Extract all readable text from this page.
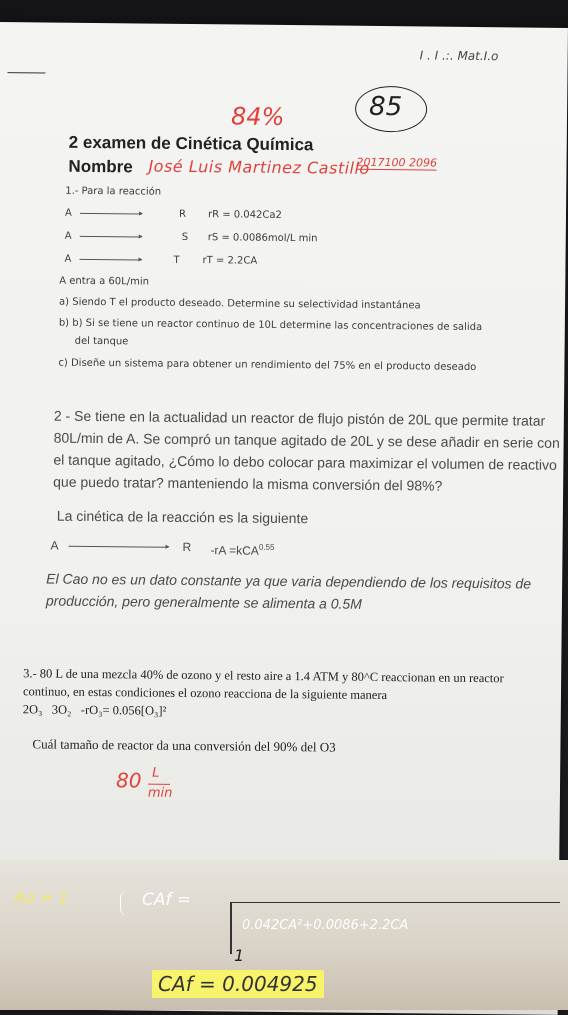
I . I .:. Mat.I.o
84%	85
2 examen de Cinética Química
Nombre José Luis Martinez Castillo
2017100 2096
1.- Para la reacción
A	R rR = 0.042Ca2
A	S rS = 0.0086mol/L min
A	T rT = 2.2CA
A entra a 60L/min
a) Siendo T el producto deseado. Determine su selectividad instantánea
b) b) Si se tiene un reactor continuo de 10L determine las concentraciones de salida
del tanque
c) Diseñe un sistema para obtener un rendimiento del 75% en el producto deseado
2 - Se tiene en la actualidad un reactor de flujo pistón de 20L que permite tratar
80L/min de A. Se compró un tanque agitado de 20L y se dese añadir en serie con
el tanque agitado, ¿Cómo lo debo colocar para maximizar el volumen de reactivo
que puedo tratar? manteniendo la misma conversión del 98%?
La cinética de la reacción es la siguiente
A	R -rA =kCA$^{0.55}$
El Cao no es un dato constante ya que varia dependiendo de los requisitos de
producción, pero generalmente se alimenta a 0.5M
3.- 80 L de una mezcla 40% de ozono y el resto aire a 1.4 ATM y 80^C reaccionan en un reactor
continuo, en estas condiciones el ozono reacciona de la siguiente manera
2O₃ 3O₂ -rO₃= 0.056[O₃]²
Cuál tamaño de reactor da una conversión del 90% del O3
80 L
min
Ao = 1	CAf =
0.042CA²+0.0086+2.2CA
1
CAf = 0.004925
